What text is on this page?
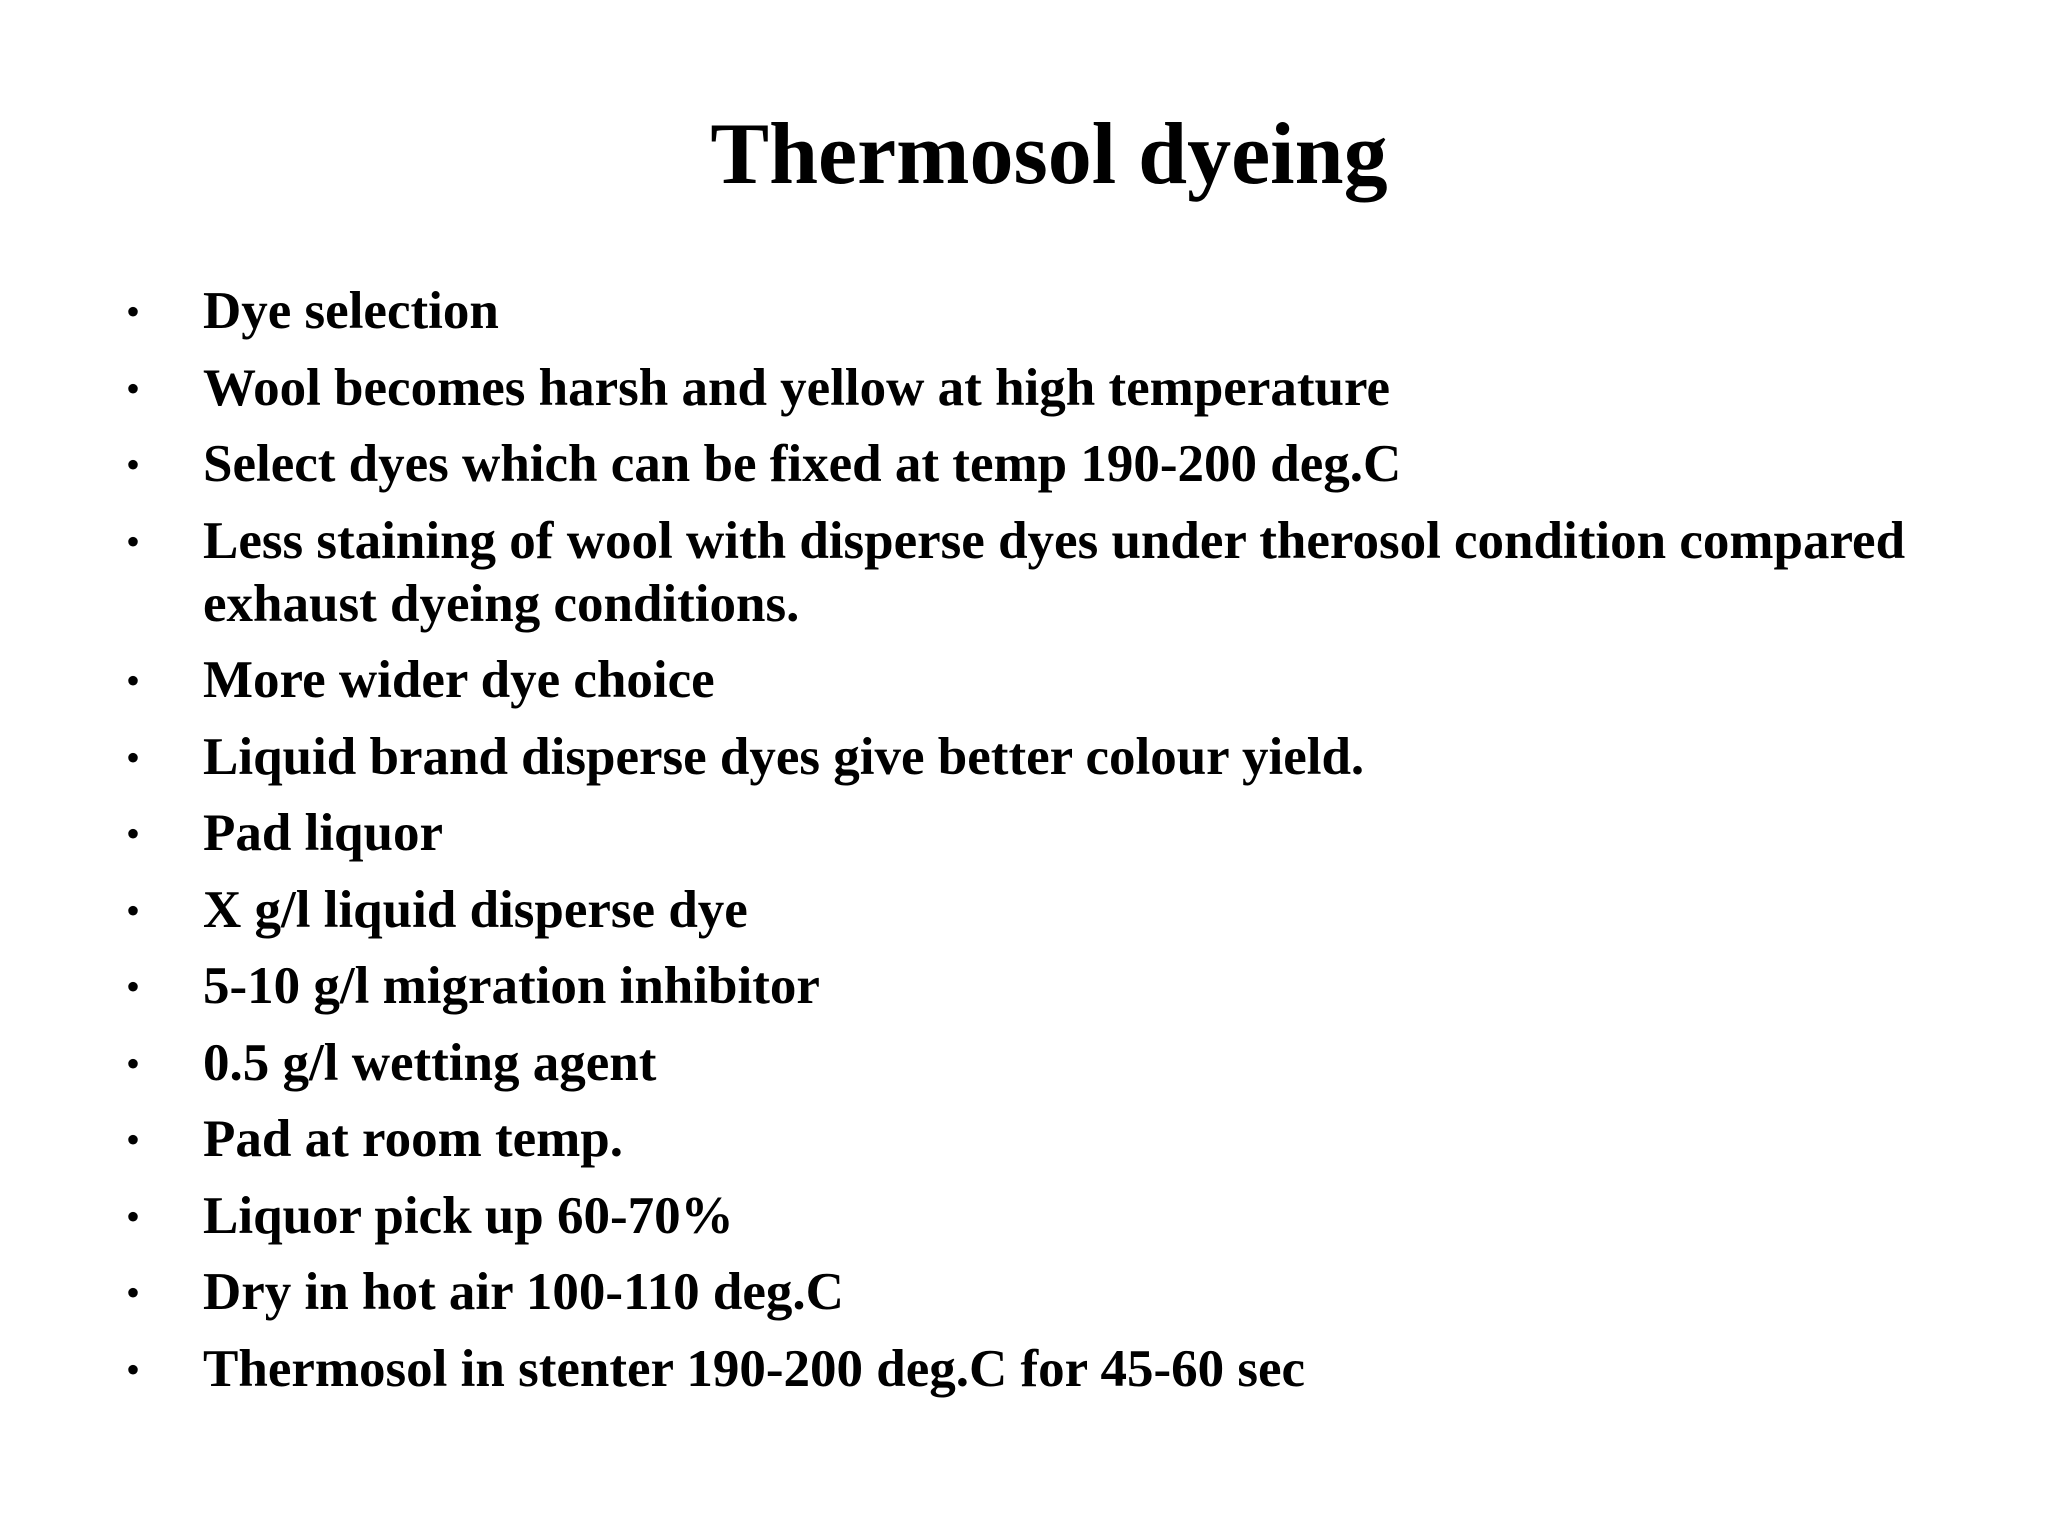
Thermosol dyeing
• Dye selection
• Wool becomes harsh and yellow at high temperature
• Select dyes which can be fixed at temp 190-200 deg.C
• Less staining of wool with disperse dyes under therosol condition compared exhaust dyeing conditions.
• More wider dye choice
• Liquid brand disperse dyes give better colour yield.
• Pad liquor
• X g/l liquid disperse dye
• 5-10 g/l migration inhibitor
• 0.5 g/l wetting agent
• Pad at room temp.
• Liquor pick up 60-70%
• Dry in hot air 100-110 deg.C
• Thermosol in stenter 190-200 deg.C for 45-60 sec
